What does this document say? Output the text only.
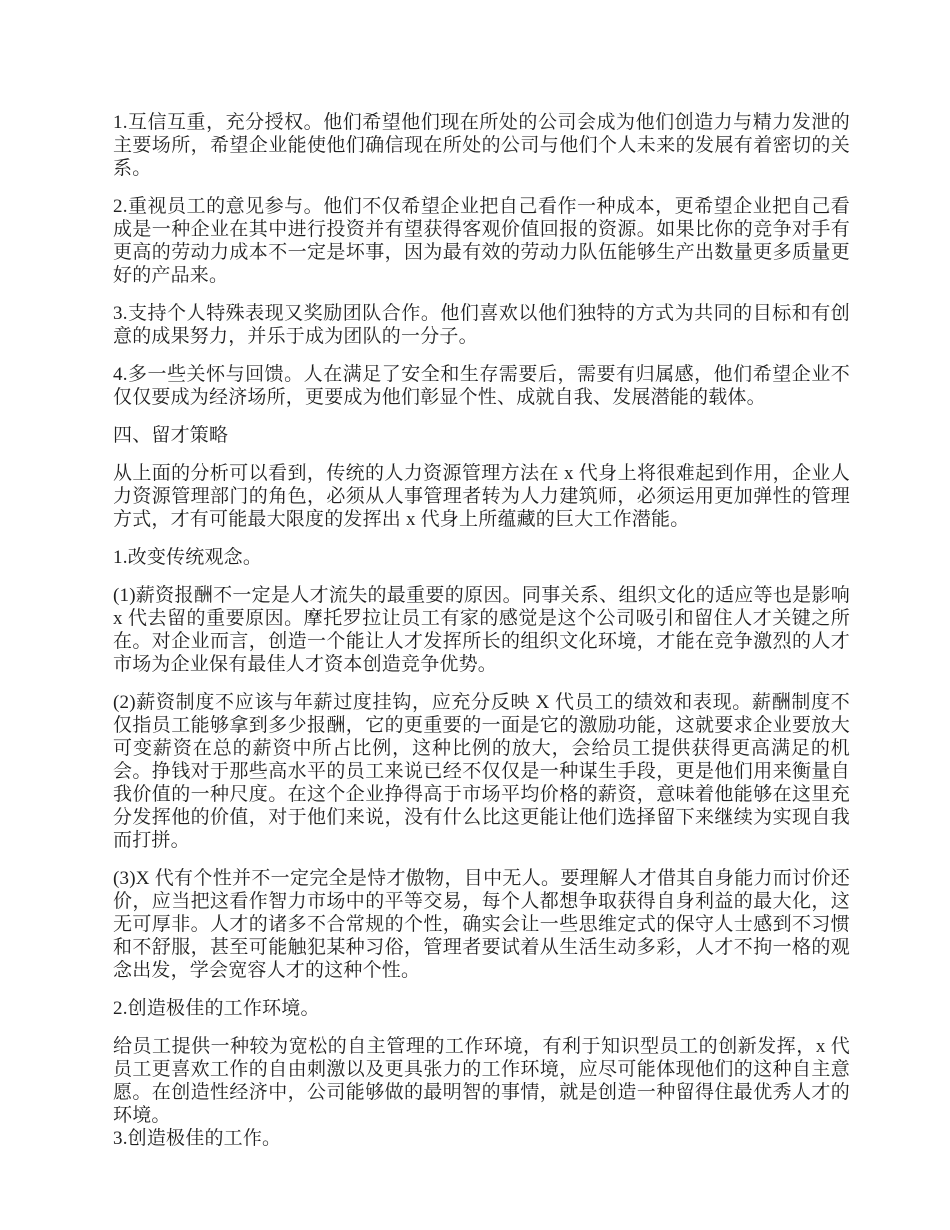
1.互信互重，充分授权。他们希望他们现在所处的公司会成为他们创造力与精力发泄的主要场所，希望企业能使他们确信现在所处的公司与他们个人未来的发展有着密切的关系。

2.重视员工的意见参与。他们不仅希望企业把自己看作一种成本，更希望企业把自己看成是一种企业在其中进行投资并有望获得客观价值回报的资源。如果比你的竞争对手有更高的劳动力成本不一定是坏事，因为最有效的劳动力队伍能够生产出数量更多质量更好的产品来。

3.支持个人特殊表现又奖励团队合作。他们喜欢以他们独特的方式为共同的目标和有创意的成果努力，并乐于成为团队的一分子。

4.多一些关怀与回馈。人在满足了安全和生存需要后，需要有归属感，他们希望企业不仅仅要成为经济场所，更要成为他们彰显个性、成就自我、发展潜能的载体。

四、留才策略

从上面的分析可以看到，传统的人力资源管理方法在 x 代身上将很难起到作用，企业人力资源管理部门的角色，必须从人事管理者转为人力建筑师，必须运用更加弹性的管理方式，才有可能最大限度的发挥出 x 代身上所蕴藏的巨大工作潜能。

1.改变传统观念。

(1)薪资报酬不一定是人才流失的最重要的原因。同事关系、组织文化的适应等也是影响 x 代去留的重要原因。摩托罗拉让员工有家的感觉是这个公司吸引和留住人才关键之所在。对企业而言，创造一个能让人才发挥所长的组织文化环境，才能在竞争激烈的人才市场为企业保有最佳人才资本创造竞争优势。

(2)薪资制度不应该与年薪过度挂钩，应充分反映 X 代员工的绩效和表现。薪酬制度不仅指员工能够拿到多少报酬，它的更重要的一面是它的激励功能，这就要求企业要放大可变薪资在总的薪资中所占比例，这种比例的放大，会给员工提供获得更高满足的机会。挣钱对于那些高水平的员工来说已经不仅仅是一种谋生手段，更是他们用来衡量自我价值的一种尺度。在这个企业挣得高于市场平均价格的薪资，意味着他能够在这里充分发挥他的价值，对于他们来说，没有什么比这更能让他们选择留下来继续为实现自我而打拼。

(3)X 代有个性并不一定完全是恃才傲物，目中无人。要理解人才借其自身能力而讨价还价，应当把这看作智力市场中的平等交易，每个人都想争取获得自身利益的最大化，这无可厚非。人才的诸多不合常规的个性，确实会让一些思维定式的保守人士感到不习惯和不舒服，甚至可能触犯某种习俗，管理者要试着从生活生动多彩，人才不拘一格的观念出发，学会宽容人才的这种个性。

2.创造极佳的工作环境。

给员工提供一种较为宽松的自主管理的工作环境，有利于知识型员工的创新发挥，x 代员工更喜欢工作的自由刺激以及更具张力的工作环境，应尽可能体现他们的这种自主意愿。在创造性经济中，公司能够做的最明智的事情，就是创造一种留得住最优秀人才的环境。

3.创造极佳的工作。
